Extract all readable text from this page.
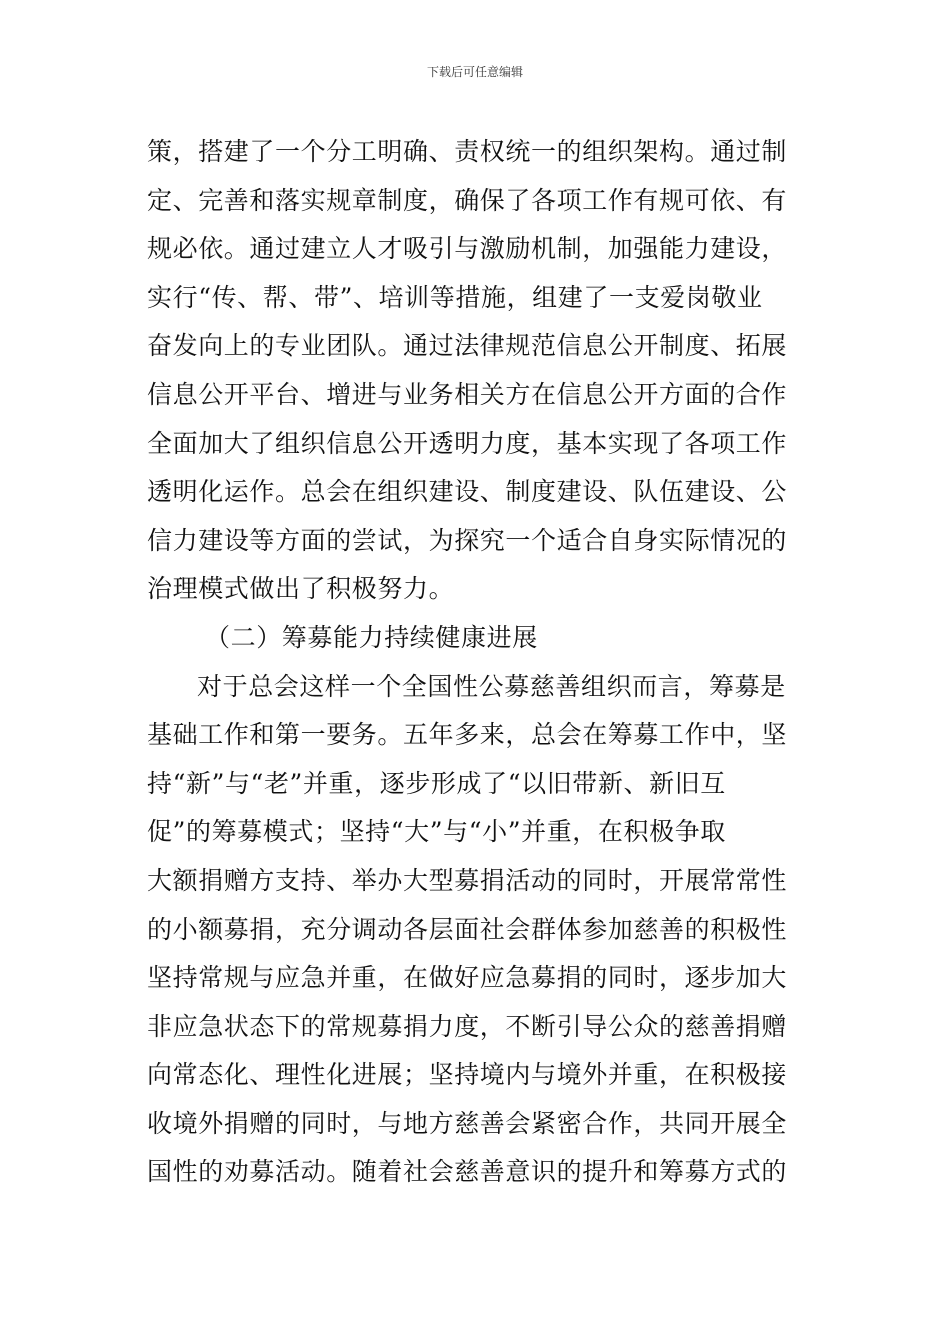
下载后可任意编辑
策，搭建了一个分工明确、责权统一的组织架构。通过制
定、完善和落实规章制度，确保了各项工作有规可依、有
规必依。通过建立人才吸引与激励机制，加强能力建设，
实行“传、帮、带”、培训等措施，组建了一支爱岗敬业
奋发向上的专业团队。通过法律规范信息公开制度、拓展
信息公开平台、增进与业务相关方在信息公开方面的合作
全面加大了组织信息公开透明力度，基本实现了各项工作
透明化运作。总会在组织建设、制度建设、队伍建设、公
信力建设等方面的尝试，为探究一个适合自身实际情况的
治理模式做出了积极努力。
（二）筹募能力持续健康进展
对于总会这样一个全国性公募慈善组织而言，筹募是
基础工作和第一要务。五年多来，总会在筹募工作中，坚
持“新”与“老”并重，逐步形成了“以旧带新、新旧互
促”的筹募模式；坚持“大”与“小”并重，在积极争取
大额捐赠方支持、举办大型募捐活动的同时，开展常常性
的小额募捐，充分调动各层面社会群体参加慈善的积极性
坚持常规与应急并重，在做好应急募捐的同时，逐步加大
非应急状态下的常规募捐力度，不断引导公众的慈善捐赠
向常态化、理性化进展；坚持境内与境外并重，在积极接
收境外捐赠的同时，与地方慈善会紧密合作，共同开展全
国性的劝募活动。随着社会慈善意识的提升和筹募方式的
